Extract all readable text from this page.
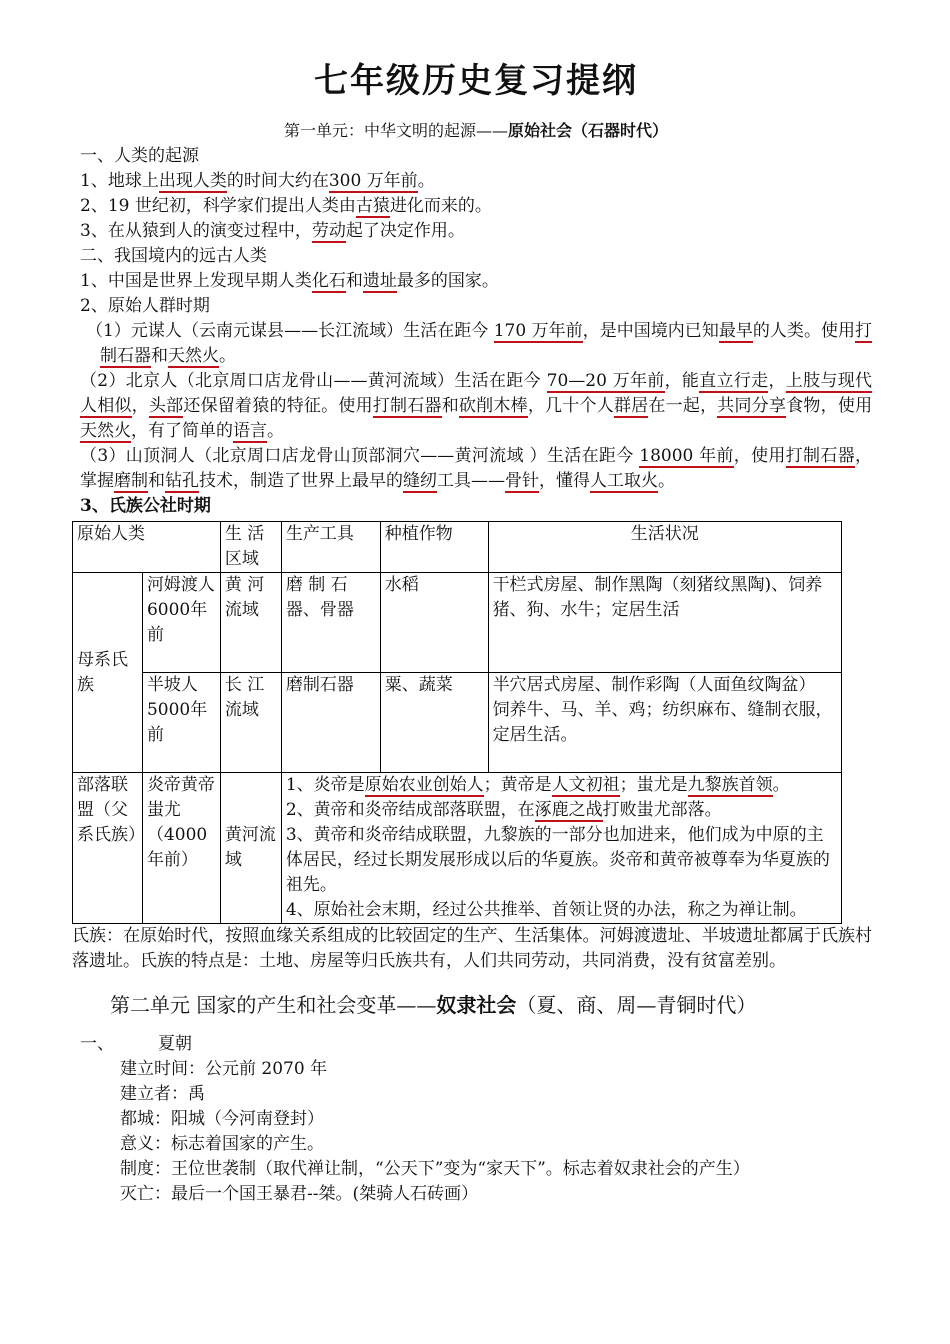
七年级历史复习提纲
第一单元：中华文明的起源——原始社会（石器时代）
一、人类的起源
1、地球上出现人类的时间大约在300 万年前。
2、19 世纪初，科学家们提出人类由古猿进化而来的。
3、在从猿到人的演变过程中，劳动起了决定作用。
二、我国境内的远古人类
1、中国是世界上发现早期人类化石和遗址最多的国家。
2、原始人群时期
（1）元谋人（云南元谋县——长江流域）生活在距今 170 万年前，是中国境内已知最早的人类。使用打制石器和天然火。
（2）北京人（北京周口店龙骨山——黄河流域）生活在距今 70—20 万年前，能直立行走，上肢与现代人相似，头部还保留着猿的特征。使用打制石器和砍削木棒，几十个人群居在一起，共同分享食物，使用天然火，有了简单的语言。
（3）山顶洞人（北京周口店龙骨山顶部洞穴——黄河流域 ）生活在距今 18000 年前，使用打制石器，掌握磨制和钻孔技术，制造了世界上最早的缝纫工具——骨针，懂得人工取火。
3、氏族公社时期
原始人类		生 活区域	生产工具	种植作物	生活状况
母系氏族	河姆渡人6000年前	黄 河流域	磨 制 石器、骨器	水稻	干栏式房屋、制作黑陶（刻猪纹黑陶)、饲养猪、狗、水牛；定居生活
	半坡人5000年前	长 江流域	磨制石器	粟、蔬菜	半穴居式房屋、制作彩陶（人面鱼纹陶盆）
饲养牛、马、羊、鸡；纺织麻布、缝制衣服，定居生活。

部落联盟（父系氏族）	炎帝黄帝蚩尤（4000年前）	黄河流域	1、炎帝是原始农业创始人；黄帝是人文初祖；蚩尤是九黎族首领。
2、黄帝和炎帝结成部落联盟，在涿鹿之战打败蚩尤部落。
3、黄帝和炎帝结成联盟，九黎族的一部分也加进来，他们成为中原的主体居民，经过长期发展形成以后的华夏族。炎帝和黄帝被尊奉为华夏族的祖先。
4、原始社会末期，经过公共推举、首领让贤的办法，称之为禅让制。		
氏族：在原始时代，按照血缘关系组成的比较固定的生产、生活集体。河姆渡遗址、半坡遗址都属于氏族村落遗址。氏族的特点是：土地、房屋等归氏族共有，人们共同劳动，共同消费，没有贫富差别。
第二单元 国家的产生和社会变革——奴隶社会（夏、商、周—青铜时代）
一、	夏朝
建立时间：公元前 2070 年
建立者：禹
都城：阳城（今河南登封）
意义：标志着国家的产生。
制度：王位世袭制（取代禅让制，“公天下”变为“家天下”。标志着奴隶社会的产生）
灭亡：最后一个国王暴君--桀。(桀骑人石砖画）
